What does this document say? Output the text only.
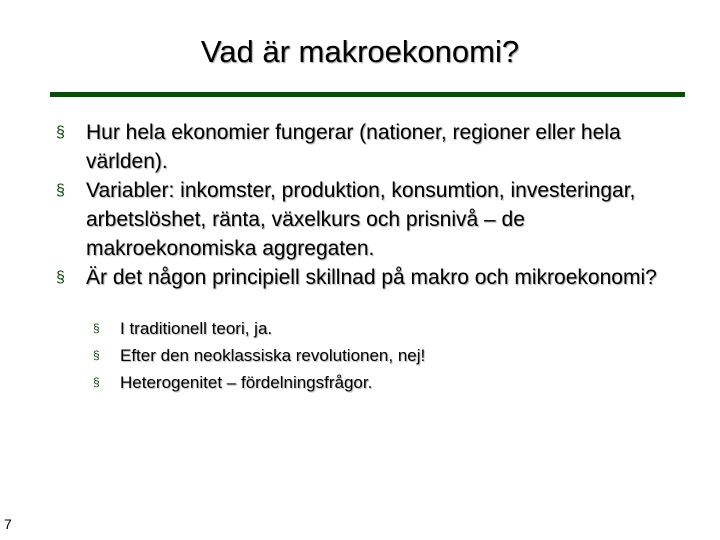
Vad är makroekonomi?
§	Hur hela ekonomier fungerar (nationer, regioner eller hela världen).
§	Variabler: inkomster, produktion, konsumtion, investeringar, arbetslöshet, ränta, växelkurs och prisnivå – de makroekonomiska aggregaten.
§	Är det någon principiell skillnad på makro och mikroekonomi?
§	I traditionell teori, ja.
§	Efter den neoklassiska revolutionen, nej!
§	Heterogenitet – fördelningsfrågor.
7
